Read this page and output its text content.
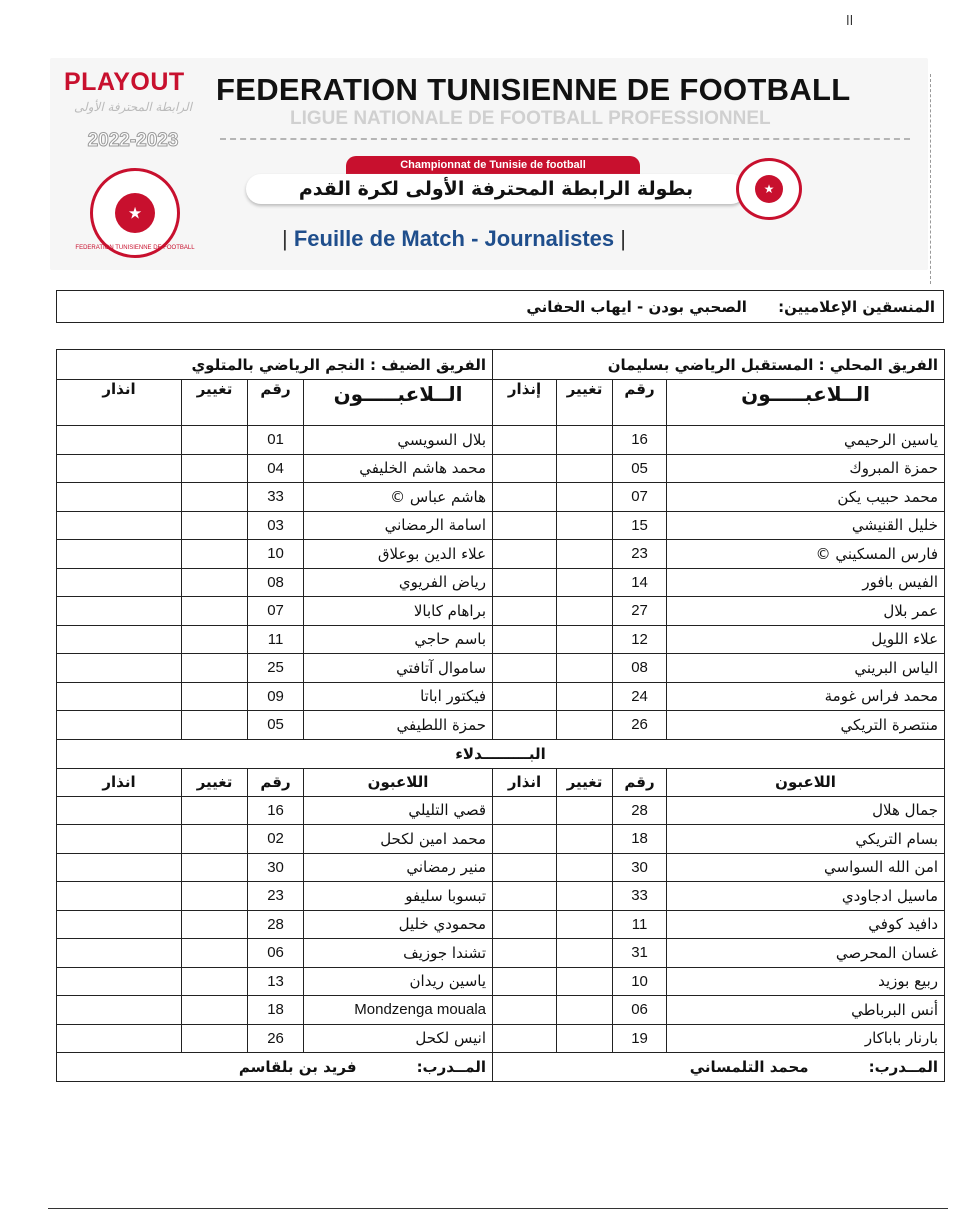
اا
PLAYOUT
الرابطة المحترفة الأولى
2022-2023
FEDERATION TUNISIENNE DE FOOTBALL
LIGUE NATIONALE DE FOOTBALL PROFESSIONNEL
Championnat de Tunisie de football
بطولة الرابطة المحترفة الأولى لكرة القدم
| Feuille de Match - Journalistes |
★
FEDERATION TUNISIENNE DE FOOTBALL
★
المنسقين الإعلاميين: الصحبي بودن - ايهاب الحفاني
الفريق المحلي : المستقبل الرياضي بسليمان				الفريق الضيف : النجم الرياضي بالمتلوي			
الــلاعبـــــون	رقم	تغيير	إنذار	الــلاعبـــــون	رقم	تغيير	انذار
ياسين الرحيمي	16			بلال السويسي	01		
حمزة المبروك	05			محمد هاشم الخليفي	04		
محمد حبيب يكن	07			هاشم عباس ©	33		
خليل القنيشي	15			اسامة الرمضاني	03		
فارس المسكيني ©	23			علاء الدين بوعلاق	10		
الفيس بافور	14			رياض الفريوي	08		
عمر بلال	27			براهام كابالا	07		
علاء اللويل	12			باسم حاجي	11		
الياس البريني	08			ساموال آتافتي	25		
محمد فراس غومة	24			فيكتور اباتا	09		
منتصرة التريكي	26			حمزة اللطيفي	05		
البـــــــــدلاء							
اللاعبون	رقم	تغيير	انذار	اللاعبون	رقم	تغيير	انذار
جمال هلال	28			قصي التليلي	16		
بسام التريكي	18			محمد امين لكحل	02		
امن الله السواسي	30			منير رمضاني	30		
ماسيل ادجاودي	33			تبسوبا سليفو	23		
دافيد كوفي	11			محمودي خليل	28		
غسان المحرصي	31			تشندا جوزيف	06		
ربيع بوزيد	10			ياسين ريدان	13		
أنس البرباطي	06			Mondzenga mouala	18		
بارنار باباكار	19			انيس لكحل	26		
المــدرب:محمد التلمساني				المــدرب:فريد بن بلقاسم			
